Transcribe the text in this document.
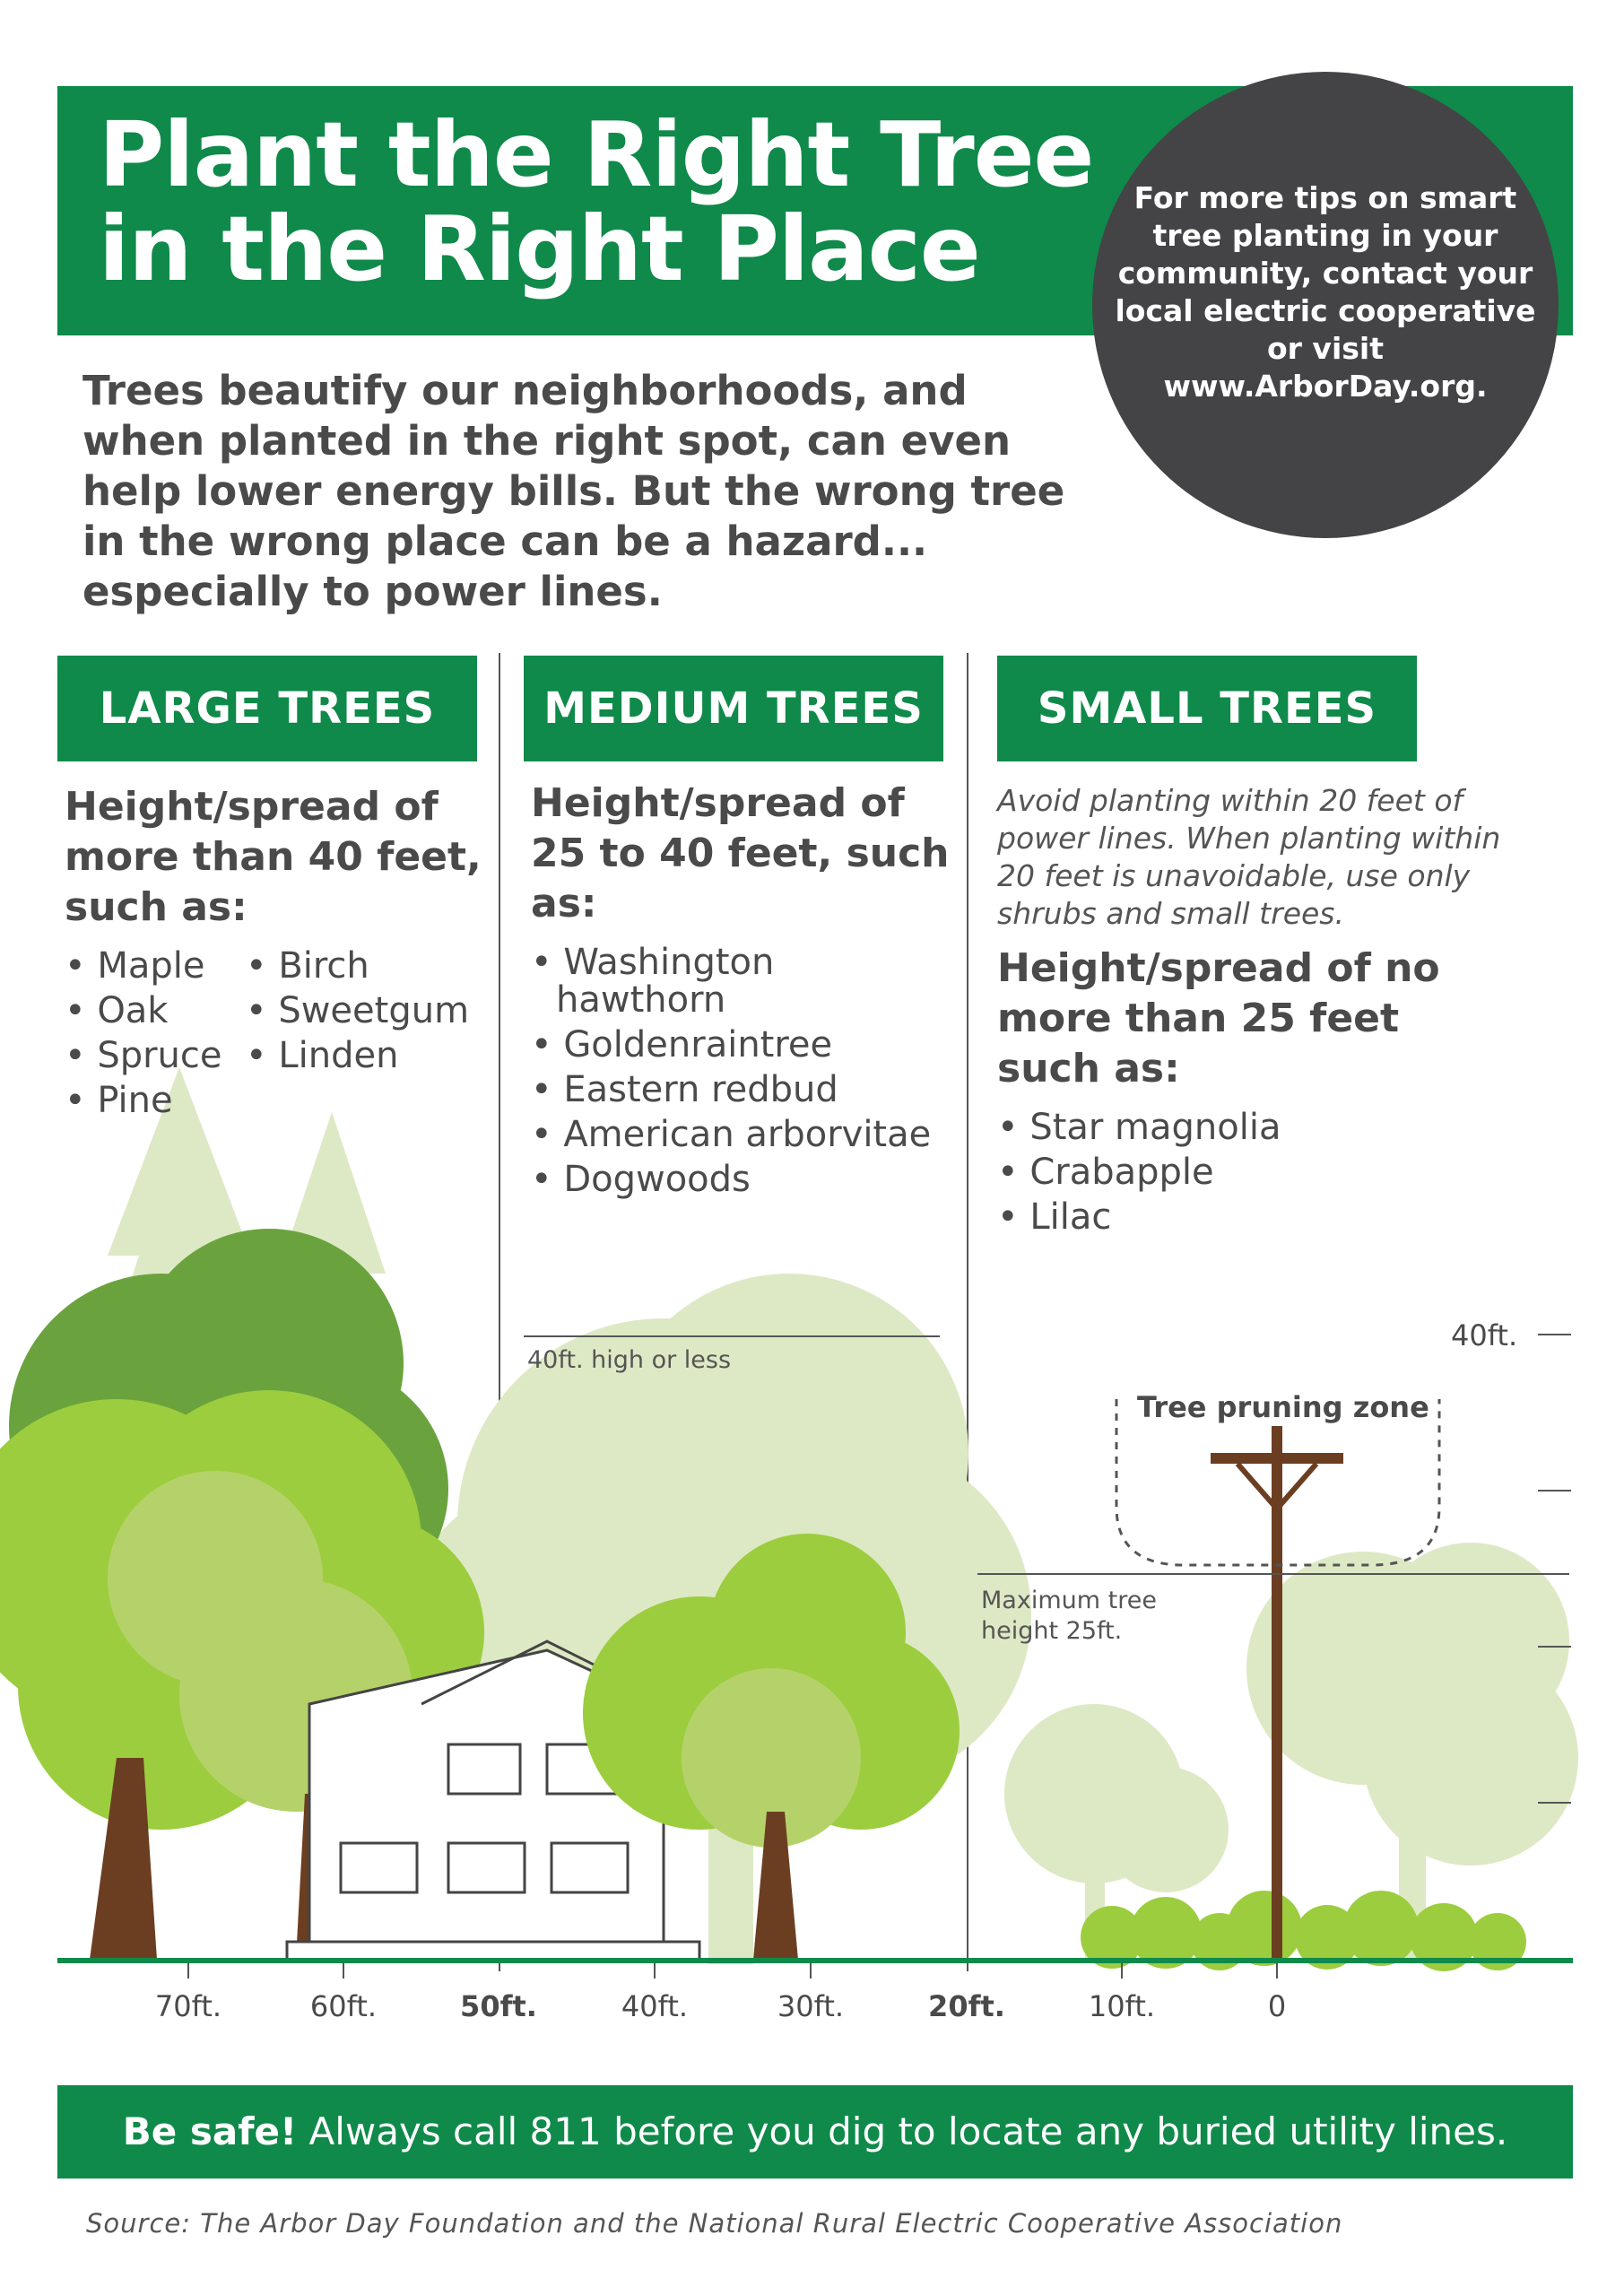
Plant the Right Tree
in the Right Place	For more tips on smart tree planting in your community, contact your local electric cooperative or visit www.ArborDay.org.
Trees beautify our neighborhoods, and when planted in the right spot, can even help lower energy bills. But the wrong tree in the wrong place can be a hazard... especially to power lines.
LARGE TREES	MEDIUM TREES	SMALL TREES
Height/spread of more than 40 feet, such as:
• Maple
• Oak
• Spruce
• Pine
• Birch
• Sweetgum
• Linden
Height/spread of 25 to 40 feet, such as:
• Washington hawthorn
• Goldenraintree
• Eastern redbud
• American arborvitae
• Dogwoods
Avoid planting within 20 feet of power lines. When planting within 20 feet is unavoidable, use only shrubs and small trees.
Height/spread of no more than 25 feet such as:
• Star magnolia
• Crabapple
• Lilac
40ft. high or less
Maximum tree
height 25ft.
Tree pruning zone
40ft.
70ft.	60ft.	50ft.	40ft.	30ft.	20ft.	10ft.	0
Be safe! Always call 811 before you dig to locate any buried utility lines.
Source: The Arbor Day Foundation and the National Rural Electric Cooperative Association
